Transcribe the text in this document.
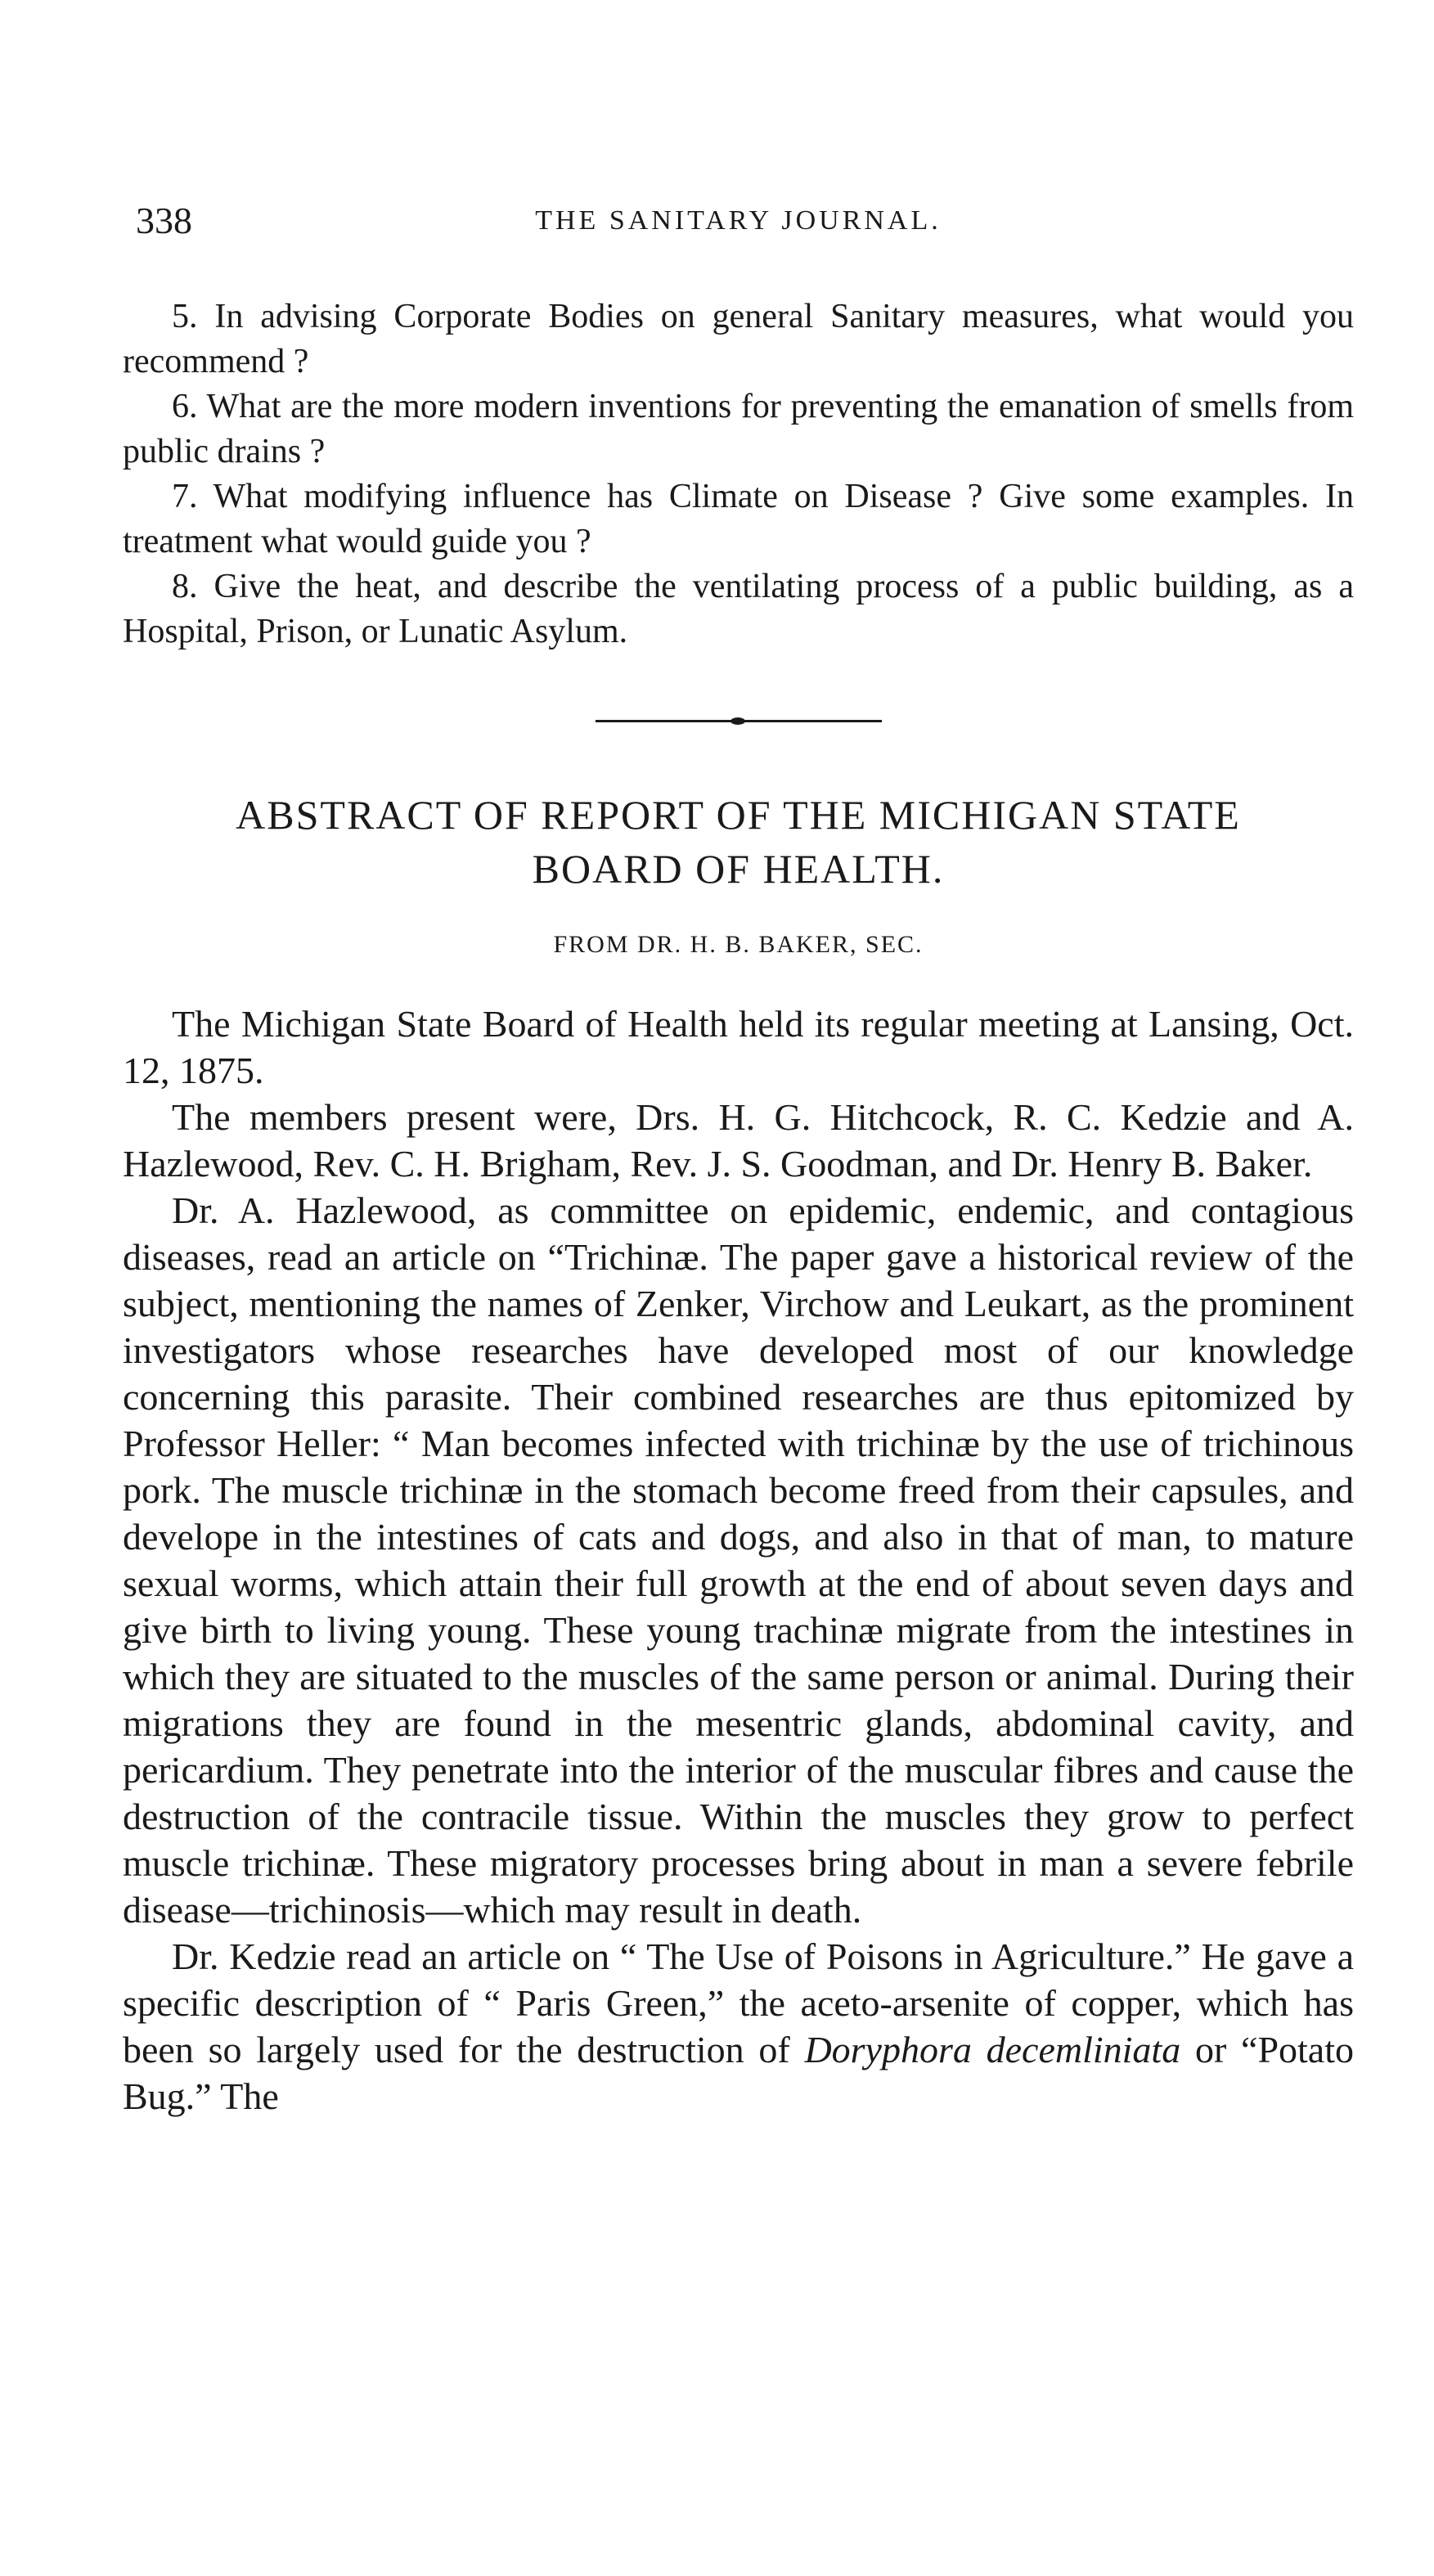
338	THE SANITARY JOURNAL.

5. In advising Corporate Bodies on general Sanitary measures, what would you recommend ?

6. What are the more modern inventions for preventing the emanation of smells from public drains ?

7. What modifying influence has Climate on Disease ? Give some examples. In treatment what would guide you ?

8. Give the heat, and describe the ventilating process of a public building, as a Hospital, Prison, or Lunatic Asylum.

ABSTRACT OF REPORT OF THE MICHIGAN STATE
BOARD OF HEALTH.

FROM DR. H. B. BAKER, SEC.

The Michigan State Board of Health held its regular meeting at Lansing, Oct. 12, 1875.

The members present were, Drs. H. G. Hitchcock, R. C. Kedzie and A. Hazlewood, Rev. C. H. Brigham, Rev. J. S. Goodman, and Dr. Henry B. Baker.

Dr. A. Hazlewood, as committee on epidemic, endemic, and contagious diseases, read an article on “Trichinæ. The paper gave a historical review of the subject, mentioning the names of Zenker, Virchow and Leukart, as the prominent investigators whose researches have developed most of our knowledge concerning this parasite. Their combined researches are thus epitomized by Professor Heller: “ Man becomes infected with trichinæ by the use of trichinous pork. The muscle trichinæ in the stomach become freed from their capsules, and develope in the intestines of cats and dogs, and also in that of man, to mature sexual worms, which attain their full growth at the end of about seven days and give birth to living young. These young trachinæ migrate from the intestines in which they are situated to the muscles of the same person or animal. During their migrations they are found in the mesentric glands, abdominal cavity, and pericardium. They penetrate into the interior of the muscular fibres and cause the destruction of the contracile tissue. Within the muscles they grow to perfect muscle trichinæ. These migratory processes bring about in man a severe febrile disease—trichinosis—which may result in death.

Dr. Kedzie read an article on “ The Use of Poisons in Agriculture.” He gave a specific description of “ Paris Green,” the aceto-arsenite of copper, which has been so largely used for the destruction of Doryphora decemliniata or “Potato Bug.” The
